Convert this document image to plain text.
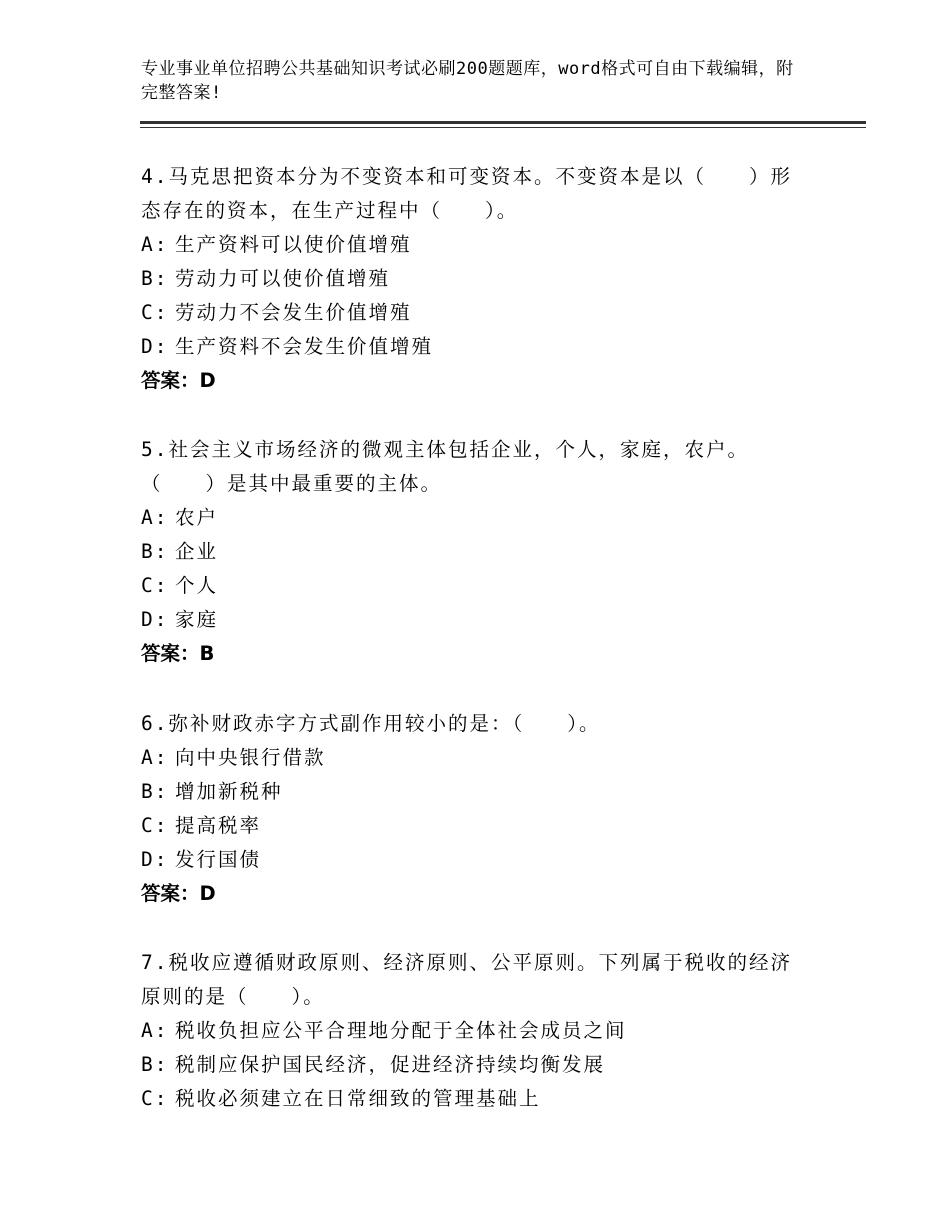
专业事业单位招聘公共基础知识考试必刷200题题库，word格式可自由下载编辑，附完整答案!

4.马克思把资本分为不变资本和可变资本。不变资本是以（　　）形态存在的资本，在生产过程中（　　）。

A: 生产资料可以使价值增殖
B: 劳动力可以使价值增殖
C: 劳动力不会发生价值增殖
D: 生产资料不会发生价值增殖
答案：D

5.社会主义市场经济的微观主体包括企业，个人，家庭，农户。（　　）是其中最重要的主体。

A: 农户
B: 企业
C: 个人
D: 家庭
答案：B

6.弥补财政赤字方式副作用较小的是：（　　）。

A: 向中央银行借款
B: 增加新税种
C: 提高税率
D: 发行国债
答案：D

7.税收应遵循财政原则、经济原则、公平原则。下列属于税收的经济原则的是（　　）。

A: 税收负担应公平合理地分配于全体社会成员之间
B: 税制应保护国民经济，促进经济持续均衡发展
C: 税收必须建立在日常细致的管理基础上
